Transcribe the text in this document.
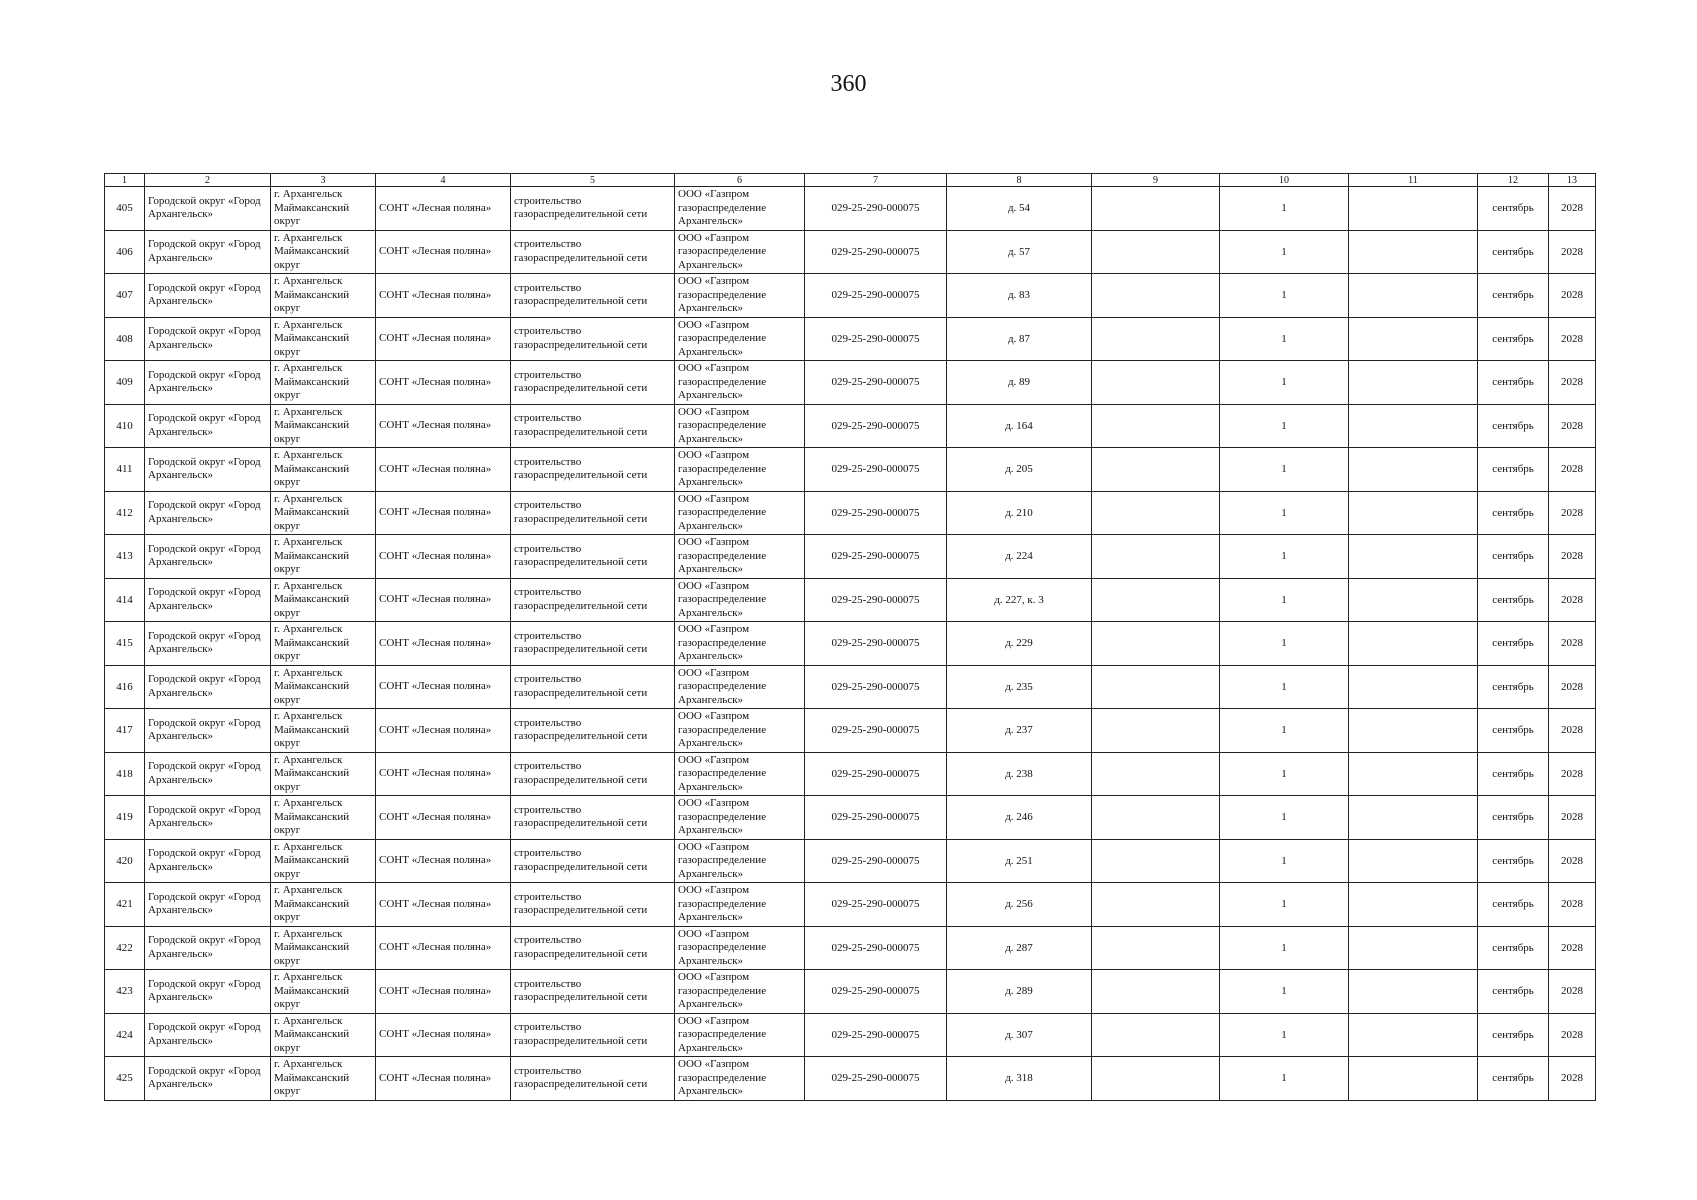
360
1	2	3	4	5	6	7	8	9	10	11	12	13
405	Городской округ «Город Архангельск»	г. Архангельск Маймаксанский округ	СОНТ «Лесная поляна»	строительство газораспределительной сети	ООО «Газпром газораспределение Архангельск»	029-25-290-000075	д. 54		1		сентябрь	2028
406	Городской округ «Город Архангельск»	г. Архангельск Маймаксанский округ	СОНТ «Лесная поляна»	строительство газораспределительной сети	ООО «Газпром газораспределение Архангельск»	029-25-290-000075	д. 57		1		сентябрь	2028
407	Городской округ «Город Архангельск»	г. Архангельск Маймаксанский округ	СОНТ «Лесная поляна»	строительство газораспределительной сети	ООО «Газпром газораспределение Архангельск»	029-25-290-000075	д. 83		1		сентябрь	2028
408	Городской округ «Город Архангельск»	г. Архангельск Маймаксанский округ	СОНТ «Лесная поляна»	строительство газораспределительной сети	ООО «Газпром газораспределение Архангельск»	029-25-290-000075	д. 87		1		сентябрь	2028
409	Городской округ «Город Архангельск»	г. Архангельск Маймаксанский округ	СОНТ «Лесная поляна»	строительство газораспределительной сети	ООО «Газпром газораспределение Архангельск»	029-25-290-000075	д. 89		1		сентябрь	2028
410	Городской округ «Город Архангельск»	г. Архангельск Маймаксанский округ	СОНТ «Лесная поляна»	строительство газораспределительной сети	ООО «Газпром газораспределение Архангельск»	029-25-290-000075	д. 164		1		сентябрь	2028
411	Городской округ «Город Архангельск»	г. Архангельск Маймаксанский округ	СОНТ «Лесная поляна»	строительство газораспределительной сети	ООО «Газпром газораспределение Архангельск»	029-25-290-000075	д. 205		1		сентябрь	2028
412	Городской округ «Город Архангельск»	г. Архангельск Маймаксанский округ	СОНТ «Лесная поляна»	строительство газораспределительной сети	ООО «Газпром газораспределение Архангельск»	029-25-290-000075	д. 210		1		сентябрь	2028
413	Городской округ «Город Архангельск»	г. Архангельск Маймаксанский округ	СОНТ «Лесная поляна»	строительство газораспределительной сети	ООО «Газпром газораспределение Архангельск»	029-25-290-000075	д. 224		1		сентябрь	2028
414	Городской округ «Город Архангельск»	г. Архангельск Маймаксанский округ	СОНТ «Лесная поляна»	строительство газораспределительной сети	ООО «Газпром газораспределение Архангельск»	029-25-290-000075	д. 227, к. 3		1		сентябрь	2028
415	Городской округ «Город Архангельск»	г. Архангельск Маймаксанский округ	СОНТ «Лесная поляна»	строительство газораспределительной сети	ООО «Газпром газораспределение Архангельск»	029-25-290-000075	д. 229		1		сентябрь	2028
416	Городской округ «Город Архангельск»	г. Архангельск Маймаксанский округ	СОНТ «Лесная поляна»	строительство газораспределительной сети	ООО «Газпром газораспределение Архангельск»	029-25-290-000075	д. 235		1		сентябрь	2028
417	Городской округ «Город Архангельск»	г. Архангельск Маймаксанский округ	СОНТ «Лесная поляна»	строительство газораспределительной сети	ООО «Газпром газораспределение Архангельск»	029-25-290-000075	д. 237		1		сентябрь	2028
418	Городской округ «Город Архангельск»	г. Архангельск Маймаксанский округ	СОНТ «Лесная поляна»	строительство газораспределительной сети	ООО «Газпром газораспределение Архангельск»	029-25-290-000075	д. 238		1		сентябрь	2028
419	Городской округ «Город Архангельск»	г. Архангельск Маймаксанский округ	СОНТ «Лесная поляна»	строительство газораспределительной сети	ООО «Газпром газораспределение Архангельск»	029-25-290-000075	д. 246		1		сентябрь	2028
420	Городской округ «Город Архангельск»	г. Архангельск Маймаксанский округ	СОНТ «Лесная поляна»	строительство газораспределительной сети	ООО «Газпром газораспределение Архангельск»	029-25-290-000075	д. 251		1		сентябрь	2028
421	Городской округ «Город Архангельск»	г. Архангельск Маймаксанский округ	СОНТ «Лесная поляна»	строительство газораспределительной сети	ООО «Газпром газораспределение Архангельск»	029-25-290-000075	д. 256		1		сентябрь	2028
422	Городской округ «Город Архангельск»	г. Архангельск Маймаксанский округ	СОНТ «Лесная поляна»	строительство газораспределительной сети	ООО «Газпром газораспределение Архангельск»	029-25-290-000075	д. 287		1		сентябрь	2028
423	Городской округ «Город Архангельск»	г. Архангельск Маймаксанский округ	СОНТ «Лесная поляна»	строительство газораспределительной сети	ООО «Газпром газораспределение Архангельск»	029-25-290-000075	д. 289		1		сентябрь	2028
424	Городской округ «Город Архангельск»	г. Архангельск Маймаксанский округ	СОНТ «Лесная поляна»	строительство газораспределительной сети	ООО «Газпром газораспределение Архангельск»	029-25-290-000075	д. 307		1		сентябрь	2028
425	Городской округ «Город Архангельск»	г. Архангельск Маймаксанский округ	СОНТ «Лесная поляна»	строительство газораспределительной сети	ООО «Газпром газораспределение Архангельск»	029-25-290-000075	д. 318		1		сентябрь	2028
